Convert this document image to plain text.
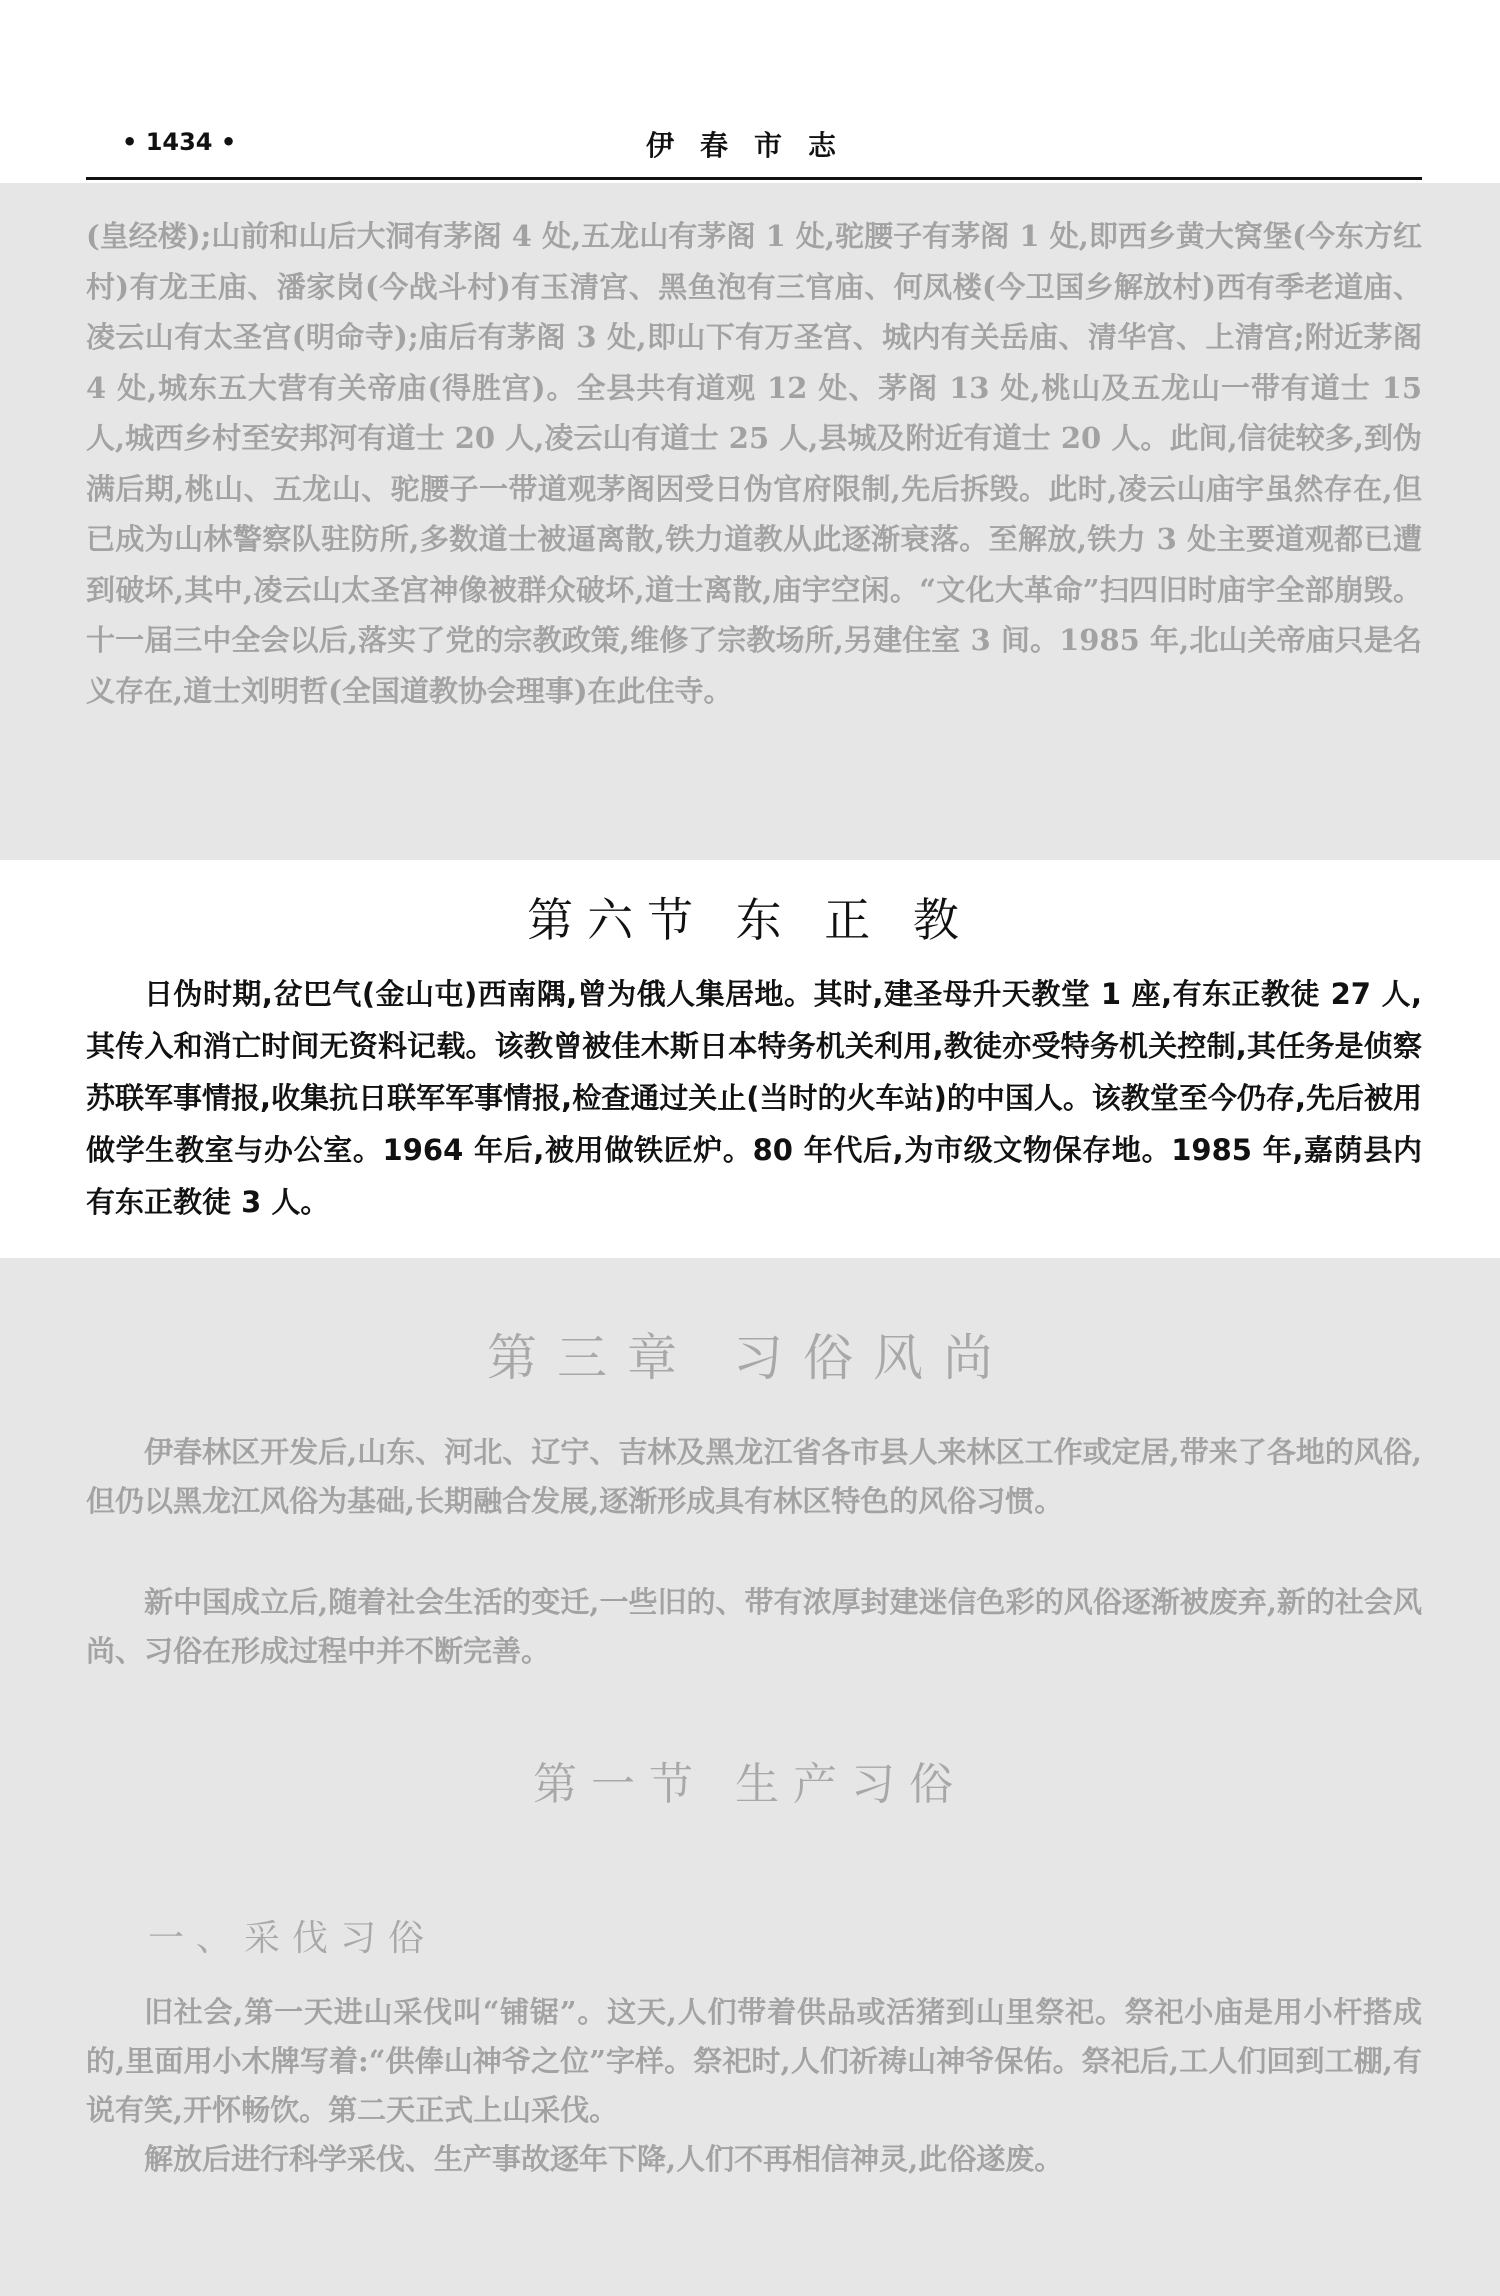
• 1434 •	伊春市志

(皇经楼);山前和山后大洞有茅阁 4 处,五龙山有茅阁 1 处,驼腰子有茅阁 1 处,即西乡黄大窝堡(今东方红村)有龙王庙、潘家岗(今战斗村)有玉清宫、黑鱼泡有三官庙、何凤楼(今卫国乡解放村)西有季老道庙、凌云山有太圣宫(明命寺);庙后有茅阁 3 处,即山下有万圣宫、城内有关岳庙、清华宫、上清宫;附近茅阁 4 处,城东五大营有关帝庙(得胜宫)。全县共有道观 12 处、茅阁 13 处,桃山及五龙山一带有道士 15 人,城西乡村至安邦河有道士 20 人,凌云山有道士 25 人,县城及附近有道士 20 人。此间,信徒较多,到伪满后期,桃山、五龙山、驼腰子一带道观茅阁因受日伪官府限制,先后拆毁。此时,凌云山庙宇虽然存在,但已成为山林警察队驻防所,多数道士被逼离散,铁力道教从此逐渐衰落。至解放,铁力 3 处主要道观都已遭到破坏,其中,凌云山太圣宫神像被群众破坏,道士离散,庙宇空闲。“文化大革命”扫四旧时庙宇全部崩毁。十一届三中全会以后,落实了党的宗教政策,维修了宗教场所,另建住室 3 间。1985 年,北山关帝庙只是名义存在,道士刘明哲(全国道教协会理事)在此住寺。

第六节 东 正 教

日伪时期,岔巴气(金山屯)西南隅,曾为俄人集居地。其时,建圣母升天教堂 1 座,有东正教徒 27 人,其传入和消亡时间无资料记载。该教曾被佳木斯日本特务机关利用,教徒亦受特务机关控制,其任务是侦察苏联军事情报,收集抗日联军军事情报,检查通过关止(当时的火车站)的中国人。该教堂至今仍存,先后被用做学生教室与办公室。1964 年后,被用做铁匠炉。80 年代后,为市级文物保存地。1985 年,嘉荫县内有东正教徒 3 人。

第三章 习俗风尚

伊春林区开发后,山东、河北、辽宁、吉林及黑龙江省各市县人来林区工作或定居,带来了各地的风俗,但仍以黑龙江风俗为基础,长期融合发展,逐渐形成具有林区特色的风俗习惯。

新中国成立后,随着社会生活的变迁,一些旧的、带有浓厚封建迷信色彩的风俗逐渐被废弃,新的社会风尚、习俗在形成过程中并不断完善。

第一节 生产习俗
一、采伐习俗

旧社会,第一天进山采伐叫“铺锯”。这天,人们带着供品或活猪到山里祭祀。祭祀小庙是用小杆搭成的,里面用小木牌写着:“供俸山神爷之位”字样。祭祀时,人们祈祷山神爷保佑。祭祀后,工人们回到工棚,有说有笑,开怀畅饮。第二天正式上山采伐。

解放后进行科学采伐、生产事故逐年下降,人们不再相信神灵,此俗遂废。
